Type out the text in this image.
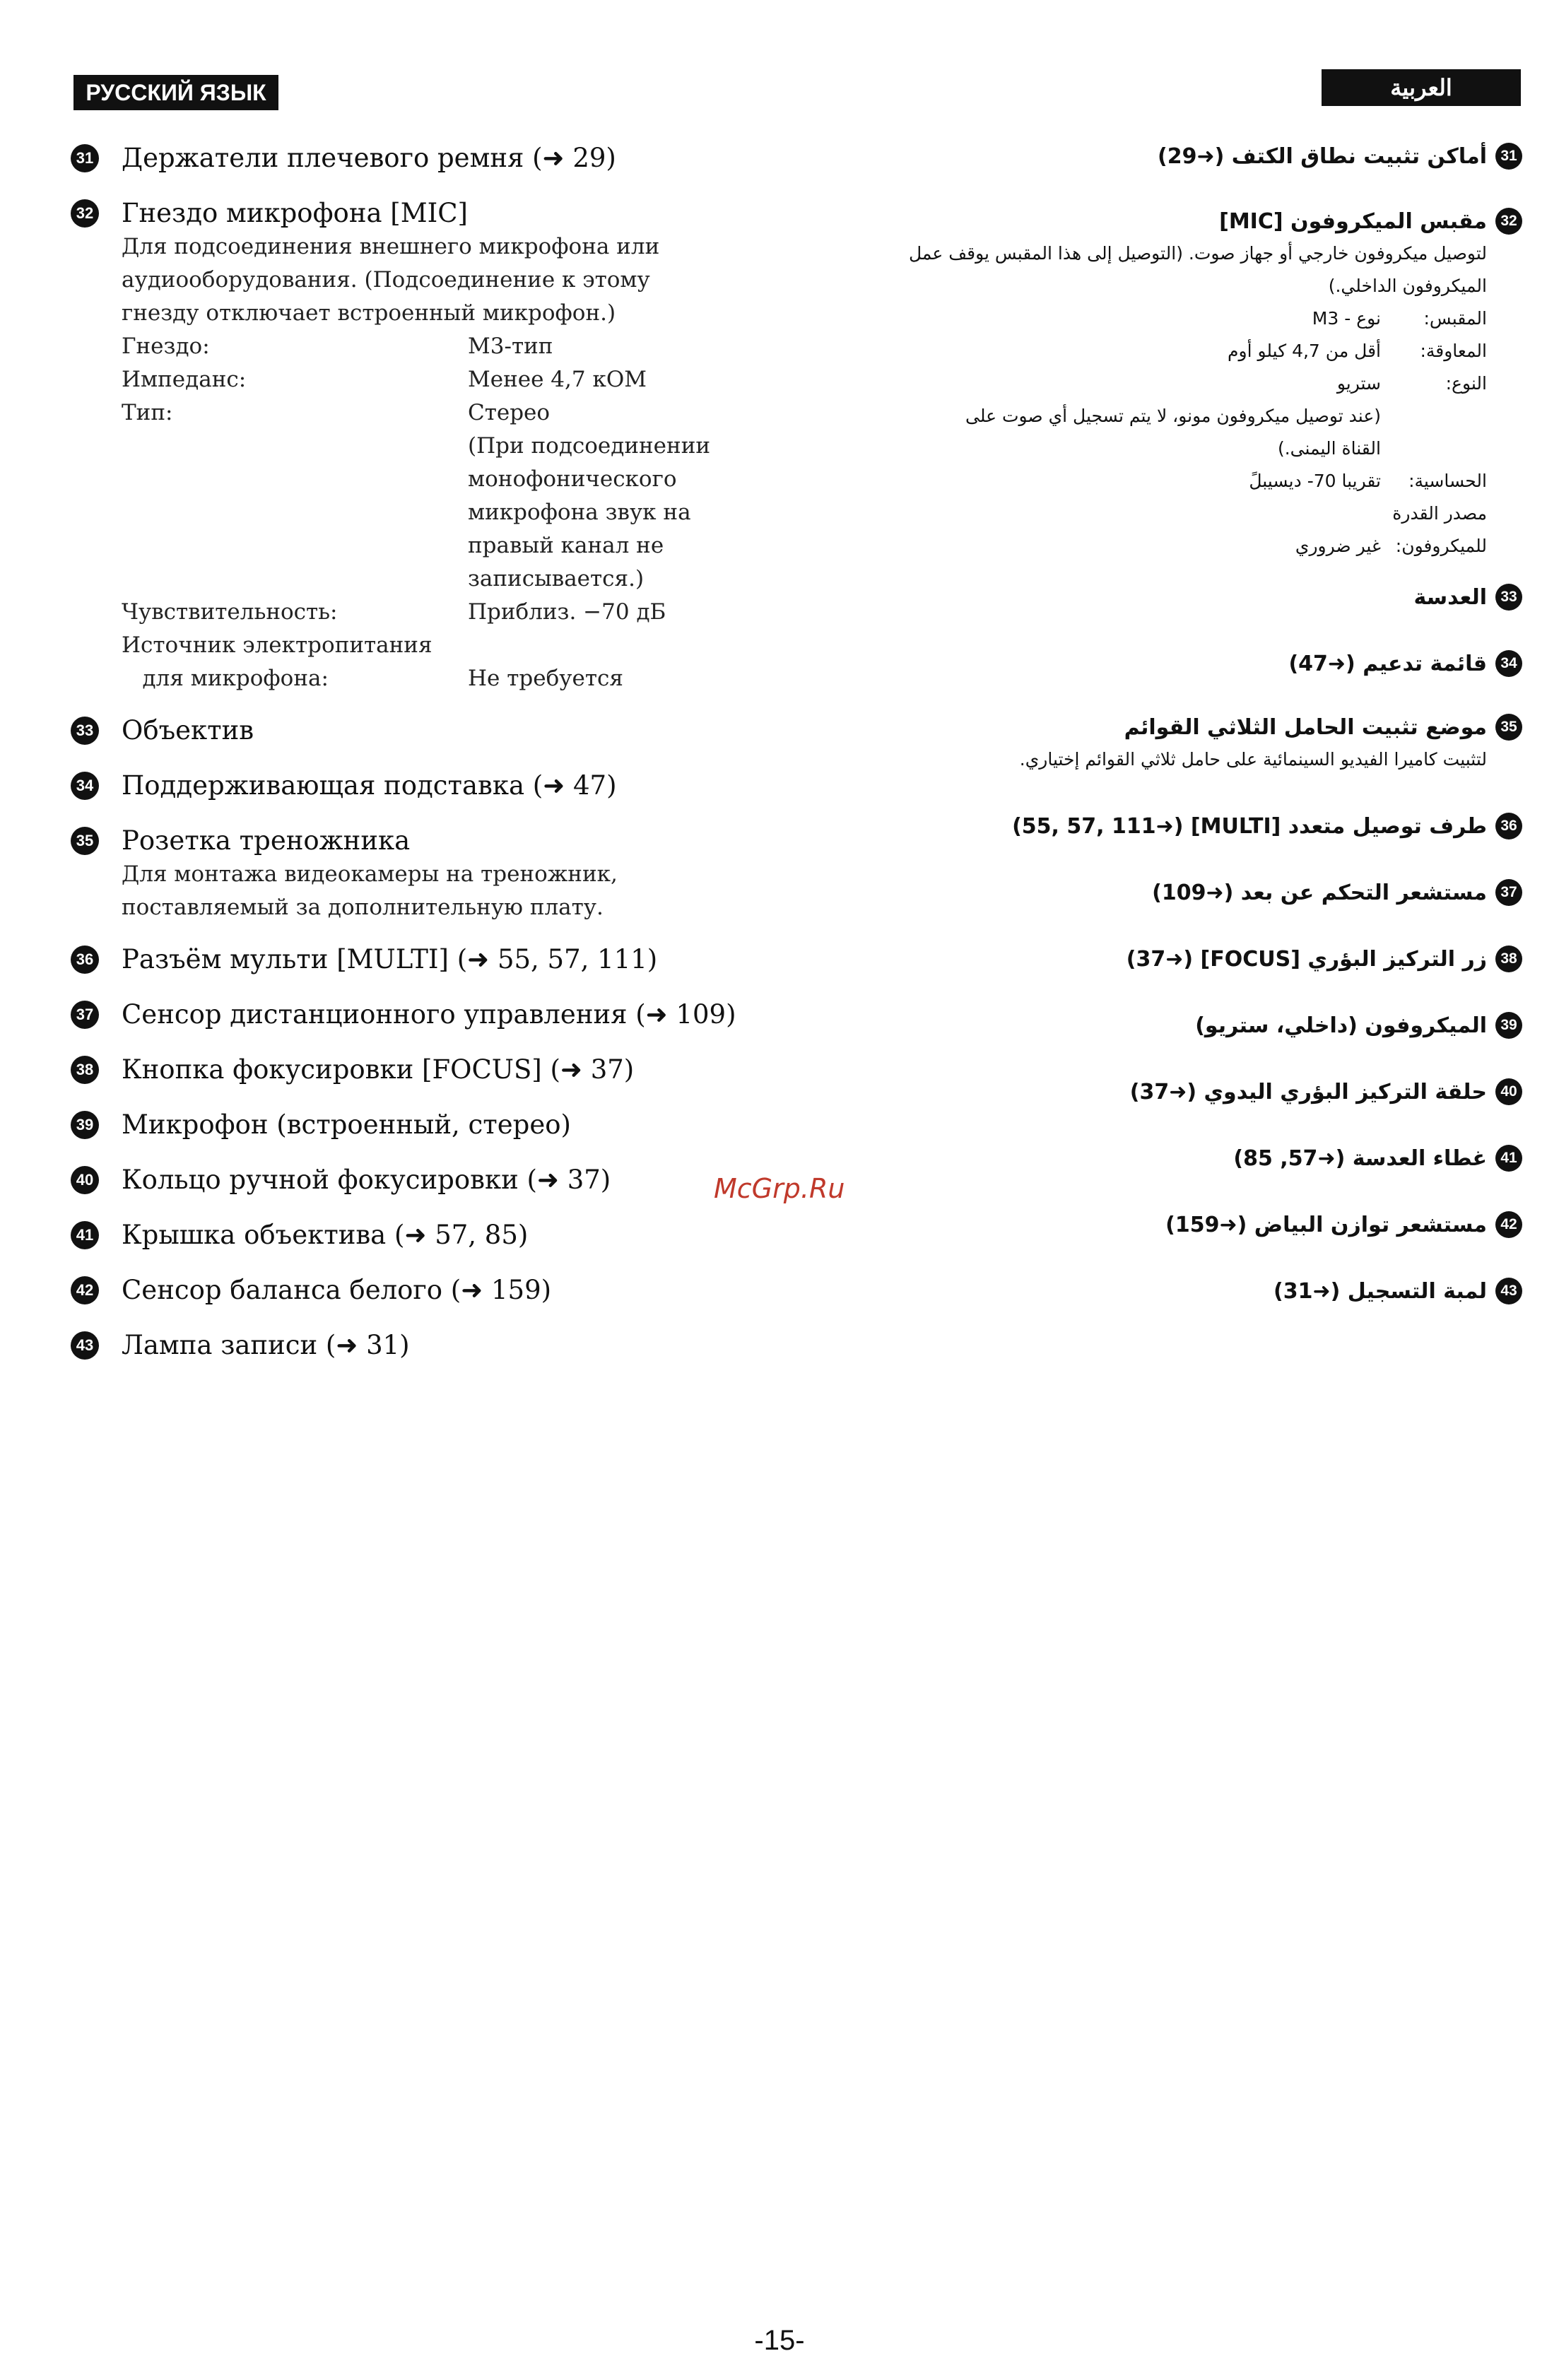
РУССКИЙ ЯЗЫК	العربية
31 Держатели плечевого ремня (➜ 29)
32 Гнездо микрофона [MIC]
Для подсоединения внешнего микрофона или
аудиооборудования. (Подсоединение к этому
гнезду отключает встроенный микрофон.)
Гнездо:	М3-тип
Импеданс:	Менее 4,7 кОМ
Тип:	Стерео
(При подсоединении
монофонического
микрофона звук на
правый канал не
записывается.)
Чувствительность:	Приблиз. −70 дБ
Источник электропитания
для микрофона:	Не требуется
33 Объектив
34 Поддерживающая подставка (➜ 47)
35 Розетка треножника
Для монтажа видеокамеры на треножник,
поставляемый за дополнительную плату.
36 Разъём мульти [MULTI] (➜ 55, 57, 111)
37 Сенсор дистанционного управления (➜ 109)
38 Кнопка фокусировки [FOCUS] (➜ 37)
39 Микрофон (встроенный, стерео)
40 Кольцо ручной фокусировки (➜ 37)
41 Крышка объектива (➜ 57, 85)
42 Сенсор баланса белого (➜ 159)
43 Лампа записи (➜ 31)
31
أماكن تثبيت نطاق الكتف (➜29)
32
مقبس الميكروفون [MIC]
لتوصيل ميكروفون خارجي أو جهاز صوت. (التوصيل إلى هذا المقبس يوقف عمل
الميكروفون الداخلي.)
المقبس:
نوع - M3
المعاوقة:
أقل من 4,7 كيلو أوم
النوع:
ستريو
(عند توصيل ميكروفون مونو، لا يتم تسجيل أي صوت على
القناة اليمنى.)
الحساسية:
تقريبا 70- ديسيبلً
مصدر القدرة
للميكروفون:
غير ضروري
33
العدسة
34
قائمة تدعيم (➜47)
35
موضع تثبيت الحامل الثلاثي القوائم
لتثبيت كاميرا الفيديو السينمائية على حامل ثلاثي القوائم إختياري.
36
طرف توصيل متعدد [MULTI] (➜55, 57, 111)
37
مستشعر التحكم عن بعد (➜109)
38
زر التركيز البؤري [FOCUS] (➜37)
39
الميكروفون (داخلي، ستريو)
40
حلقة التركيز البؤري اليدوي (➜37)
41
غطاء العدسة (➜57, 85)
42
مستشعر توازن البياض (➜159)
43
لمبة التسجيل (➜31)
McGrp.Ru
-15-
